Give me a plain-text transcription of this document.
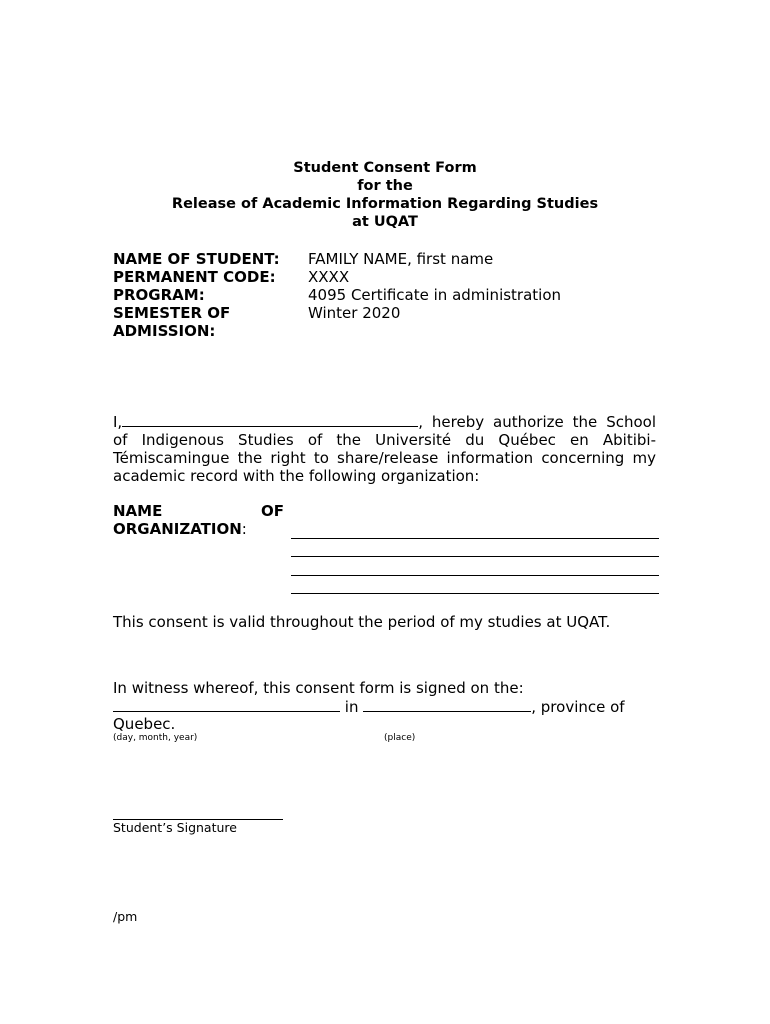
Student Consent Form
for the
Release of Academic Information Regarding Studies
at UQAT
NAME OF STUDENT: FAMILY NAME, first name
PERMANENT CODE: XXXX
PROGRAM:	4095 Certificate in administration
SEMESTER OF
ADMISSION:
Winter 2020
I,	, hereby authorize the School of Indigenous Studies of the Université du Québec en Abitibi-Témiscamingue the right to share/release information concerning my academic record with the following organization:
NAME	OF
ORGANIZATION:
This consent is valid throughout the period of my studies at UQAT.
In witness whereof, this consent form is signed on the:
in	, province of
Quebec.
(day, month, year)	(place)
Student’s Signature
/pm
